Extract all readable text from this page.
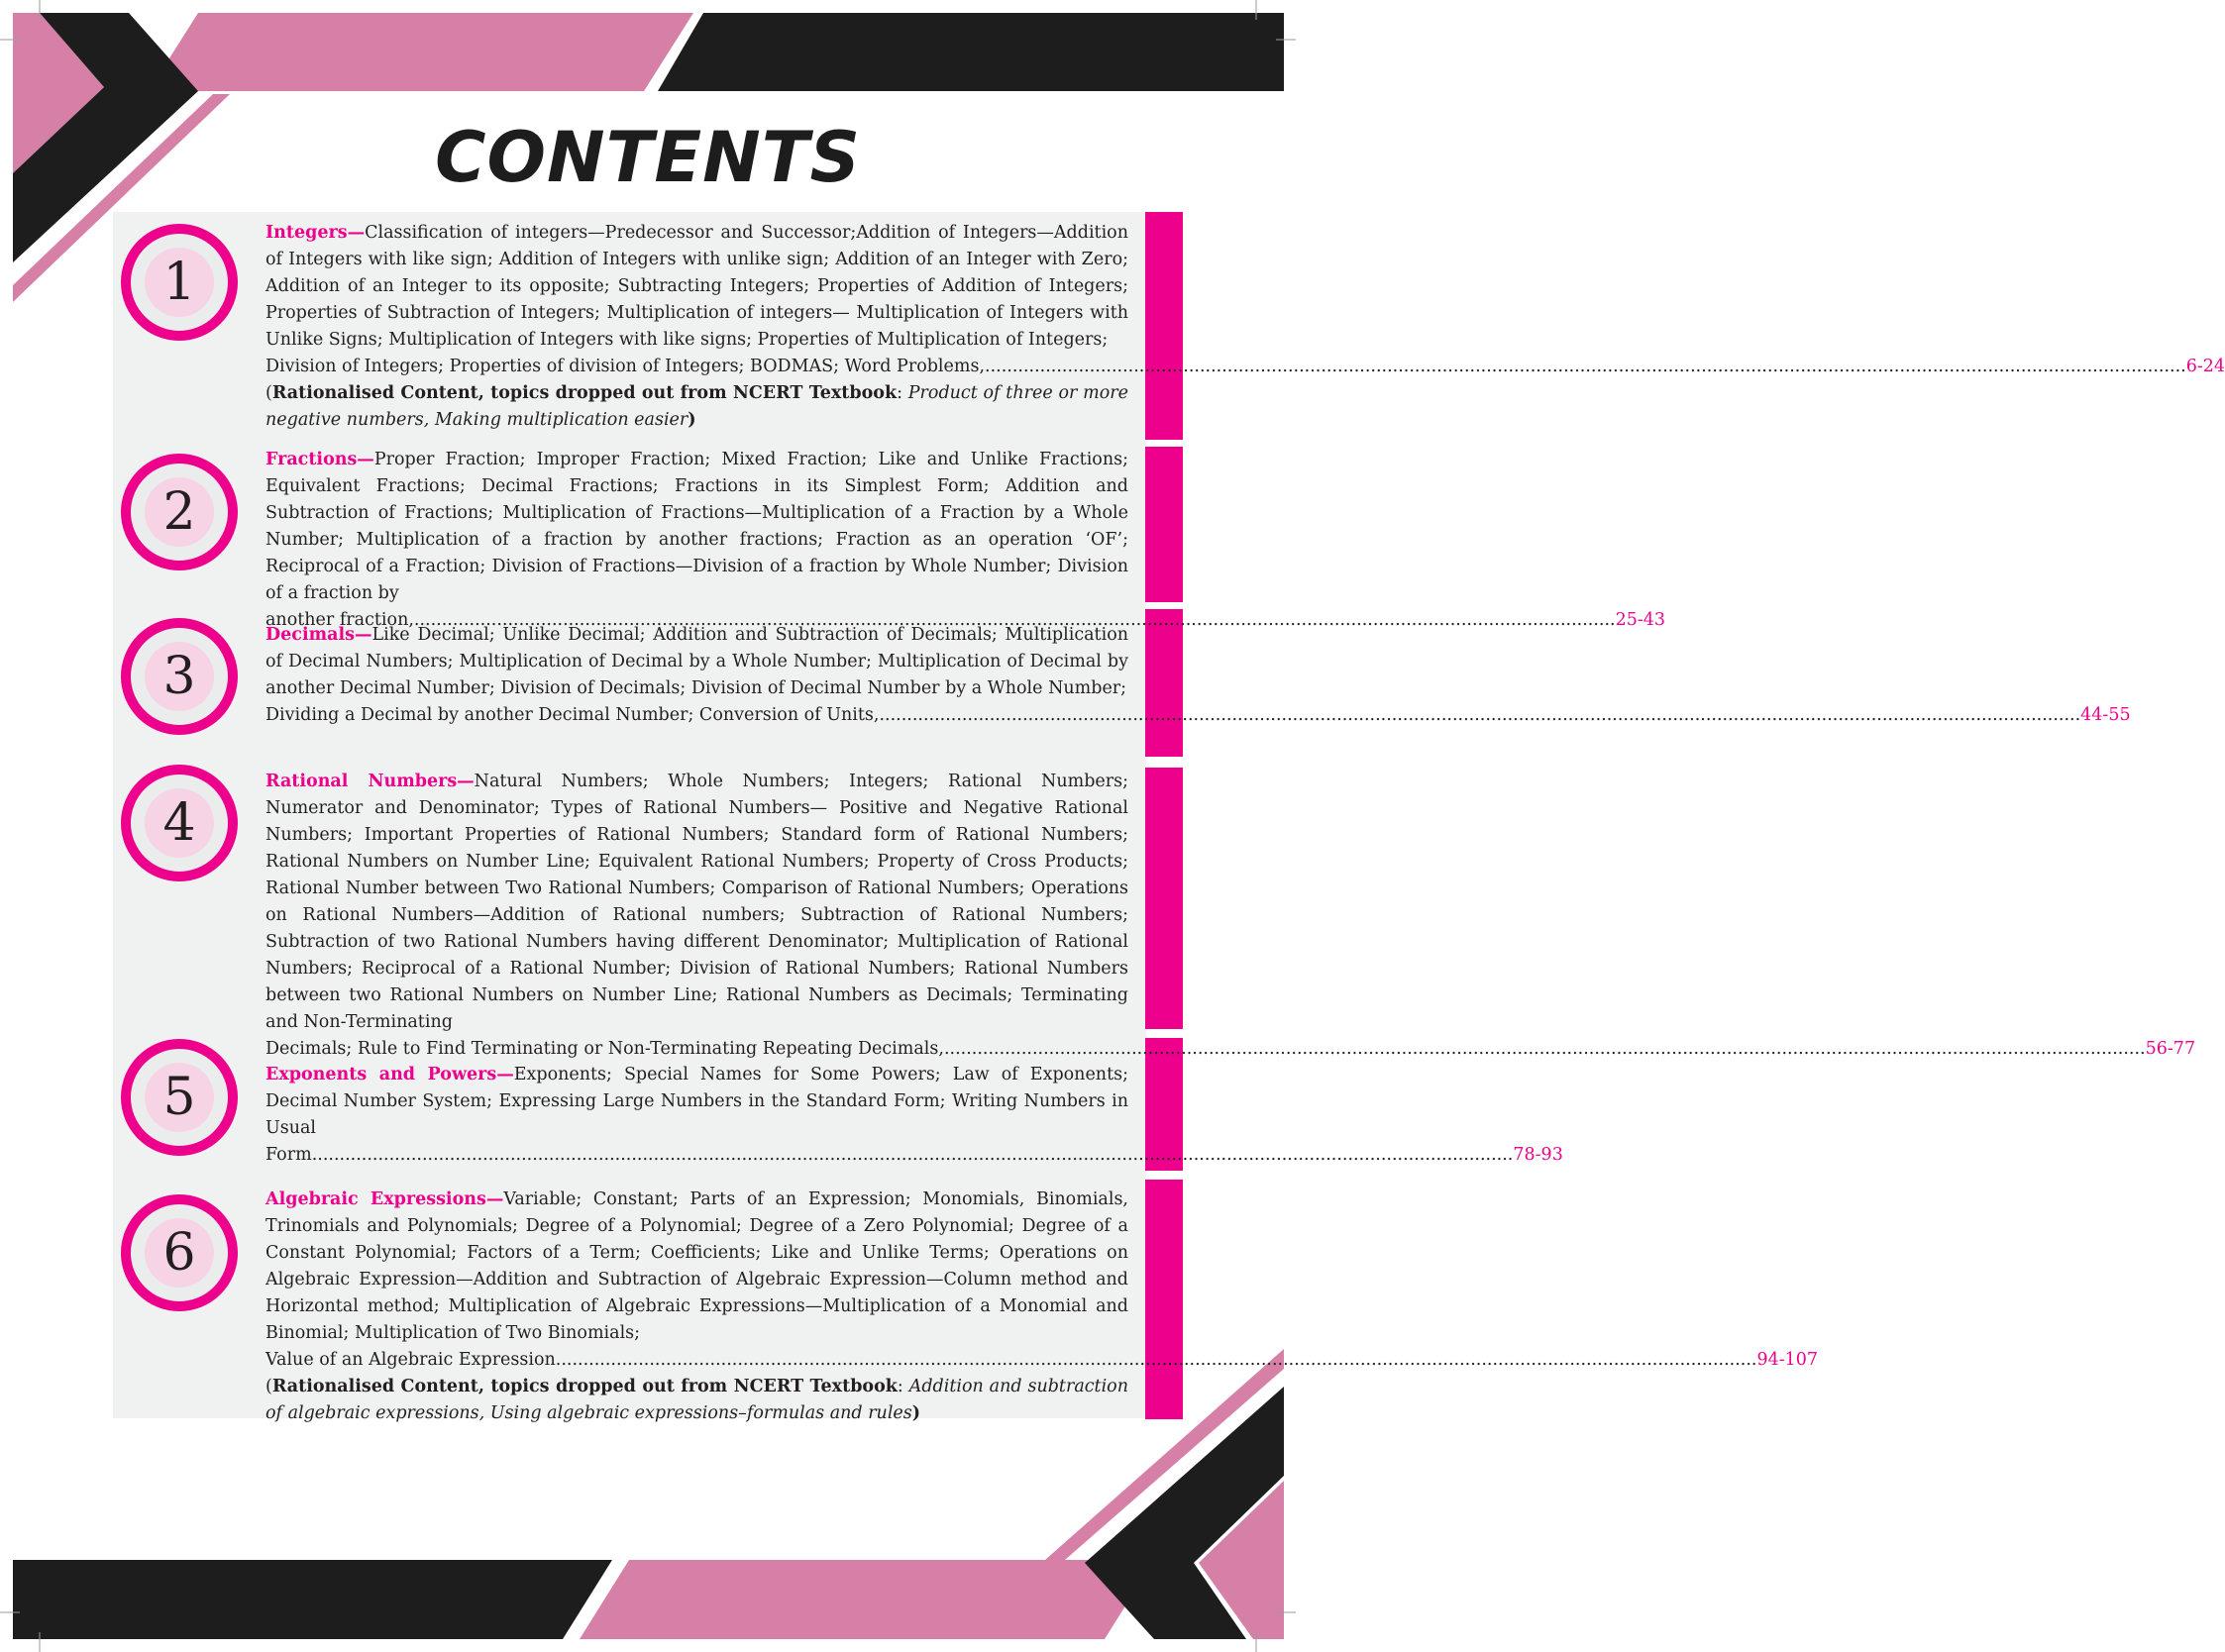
CONTENTS
1
Integers—Classification of integers—Predecessor and Successor;Addition of Integers—Addition of Integers with like sign; Addition of Integers with unlike sign; Addition of an Integer with Zero; Addition of an Integer to its opposite; Subtracting Integers; Properties of Addition of Integers; Properties of Subtraction of Integers; Multiplication of integers— Multiplication of Integers with Unlike Signs; Multiplication of Integers with like signs; Properties of Multiplication of Integers;
Division of Integers; Properties of division of Integers; BODMAS; Word Problems, .......................................................................................................................................................................................................................... 6-24
(Rationalised Content, topics dropped out from NCERT Textbook: Product of three or more negative numbers, Making multiplication easier)
2
Fractions—Proper Fraction; Improper Fraction; Mixed Fraction; Like and Unlike Fractions; Equivalent Fractions; Decimal Fractions; Fractions in its Simplest Form; Addition and Subtraction of Fractions; Multiplication of Fractions—Multiplication of a Fraction by a Whole Number; Multiplication of a fraction by another fractions; Fraction as an operation ‘OF’; Reciprocal of a Fraction; Division of Fractions—Division of a fraction by Whole Number; Division of a fraction by
another fraction, .......................................................................................................................................................................................................................... 25-43
3
Decimals—Like Decimal; Unlike Decimal; Addition and Subtraction of Decimals; Multiplication of Decimal Numbers; Multiplication of Decimal by a Whole Number; Multiplication of Decimal by another Decimal Number; Division of Decimals; Division of Decimal Number by a Whole Number;
Dividing a Decimal by another Decimal Number; Conversion of Units, .......................................................................................................................................................................................................................... 44-55
4
Rational Numbers—Natural Numbers; Whole Numbers; Integers; Rational Numbers; Numerator and Denominator; Types of Rational Numbers— Positive and Negative Rational Numbers; Important Properties of Rational Numbers; Standard form of Rational Numbers; Rational Numbers on Number Line; Equivalent Rational Numbers; Property of Cross Products; Rational Number between Two Rational Numbers; Comparison of Rational Numbers; Operations on Rational Numbers—Addition of Rational numbers; Subtraction of Rational Numbers; Subtraction of two Rational Numbers having different Denominator; Multiplication of Rational Numbers; Reciprocal of a Rational Number; Division of Rational Numbers; Rational Numbers between two Rational Numbers on Number Line; Rational Numbers as Decimals; Terminating and Non-Terminating
Decimals; Rule to Find Terminating or Non-Terminating Repeating Decimals, .......................................................................................................................................................................................................................... 56-77
5	Exponents and Powers—Exponents; Special Names for Some Powers; Law of Exponents; Decimal Number System; Expressing Large Numbers in the Standard Form; Writing Numbers in Usual
Form .......................................................................................................................................................................................................................... 78-93
6
Algebraic Expressions—Variable; Constant; Parts of an Expression; Monomials, Binomials, Trinomials and Polynomials; Degree of a Polynomial; Degree of a Zero Polynomial; Degree of a Constant Polynomial; Factors of a Term; Coefficients; Like and Unlike Terms; Operations on Algebraic Expression—Addition and Subtraction of Algebraic Expression—Column method and Horizontal method; Multiplication of Algebraic Expressions—Multiplication of a Monomial and Binomial; Multiplication of Two Binomials;
Value of an Algebraic Expression .......................................................................................................................................................................................................................... 94-107
(Rationalised Content, topics dropped out from NCERT Textbook: Addition and subtraction of algebraic expressions, Using algebraic expressions–formulas and rules)
